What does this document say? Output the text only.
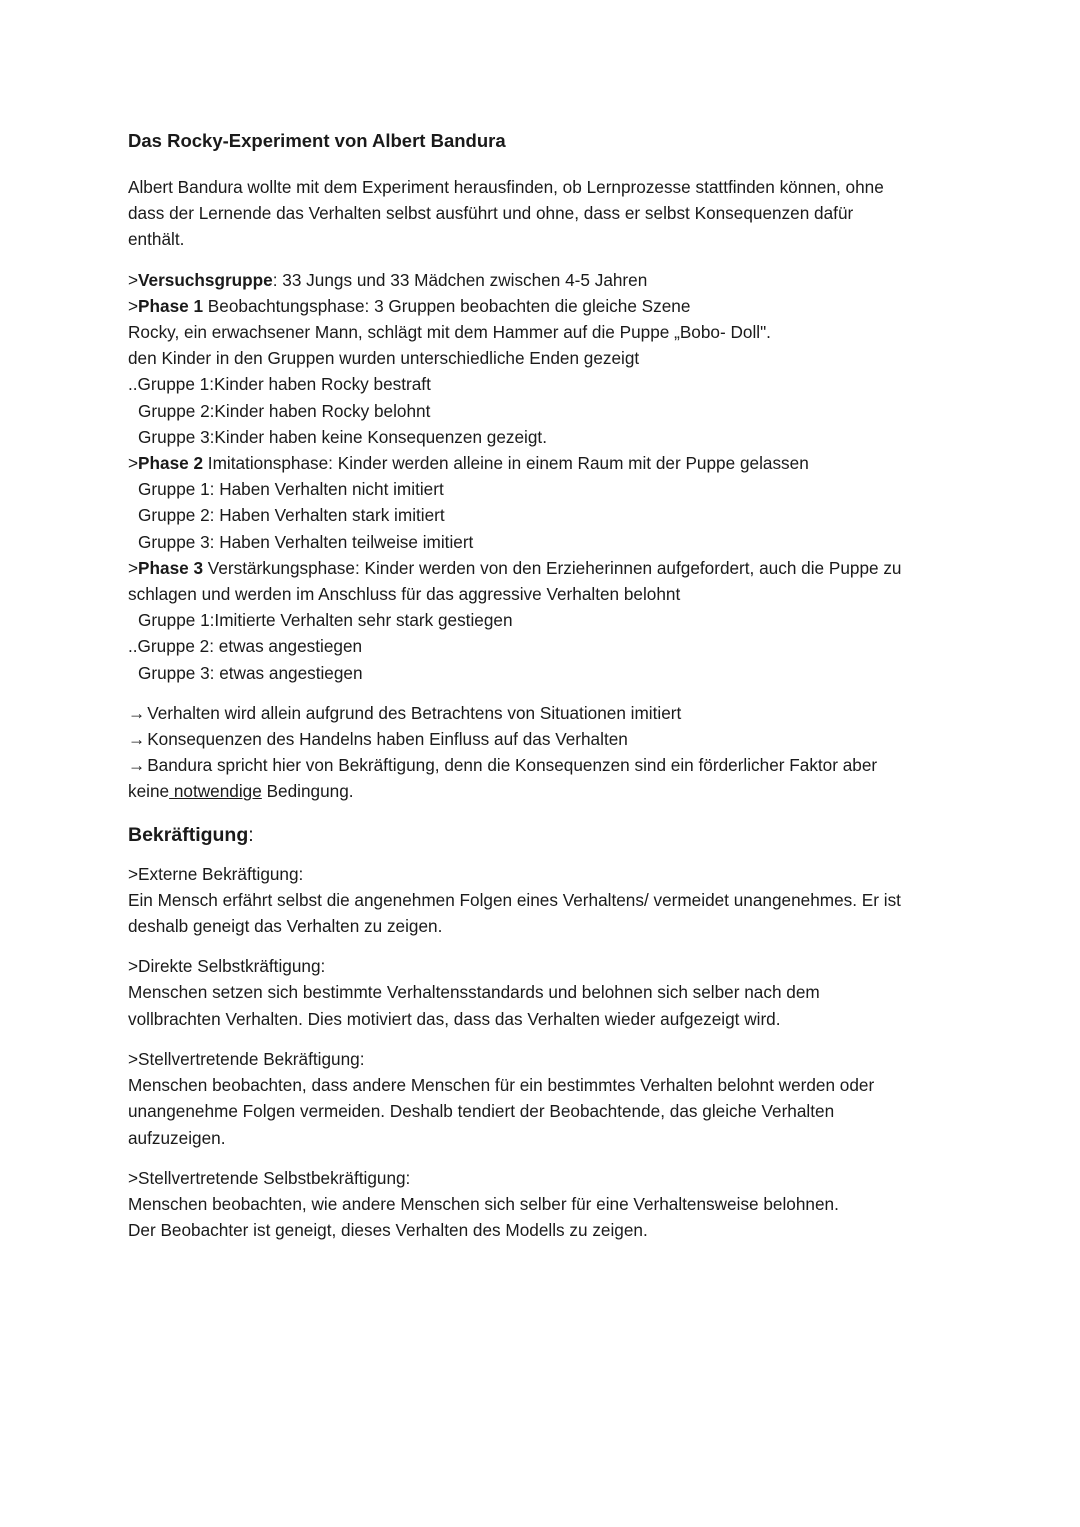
Das Rocky-Experiment von Albert Bandura
Albert Bandura wollte mit dem Experiment herausfinden, ob Lernprozesse stattfinden können, ohne
dass der Lernende das Verhalten selbst ausführt und ohne, dass er selbst Konsequenzen dafür
enthält.
>Versuchsgruppe: 33 Jungs und 33 Mädchen zwischen 4-5 Jahren
>Phase 1 Beobachtungsphase: 3 Gruppen beobachten die gleiche Szene
Rocky, ein erwachsener Mann, schlägt mit dem Hammer auf die Puppe „Bobo- Doll".
den Kinder in den Gruppen wurden unterschiedliche Enden gezeigt
..Gruppe 1:Kinder haben Rocky bestraft
Gruppe 2:Kinder haben Rocky belohnt
Gruppe 3:Kinder haben keine Konsequenzen gezeigt.
>Phase 2 Imitationsphase: Kinder werden alleine in einem Raum mit der Puppe gelassen
Gruppe 1: Haben Verhalten nicht imitiert
Gruppe 2: Haben Verhalten stark imitiert
Gruppe 3: Haben Verhalten teilweise imitiert
>Phase 3 Verstärkungsphase: Kinder werden von den Erzieherinnen aufgefordert, auch die Puppe zu
schlagen und werden im Anschluss für das aggressive Verhalten belohnt
Gruppe 1:Imitierte Verhalten sehr stark gestiegen
..Gruppe 2: etwas angestiegen
Gruppe 3: etwas angestiegen
→ Verhalten wird allein aufgrund des Betrachtens von Situationen imitiert
→ Konsequenzen des Handelns haben Einfluss auf das Verhalten
→ Bandura spricht hier von Bekräftigung, denn die Konsequenzen sind ein förderlicher Faktor aber
keine notwendige Bedingung.
Bekräftigung:
>Externe Bekräftigung:
Ein Mensch erfährt selbst die angenehmen Folgen eines Verhaltens/ vermeidet unangenehmes. Er ist
deshalb geneigt das Verhalten zu zeigen.
>Direkte Selbstkräftigung:
Menschen setzen sich bestimmte Verhaltensstandards und belohnen sich selber nach dem
vollbrachten Verhalten. Dies motiviert das, dass das Verhalten wieder aufgezeigt wird.
>Stellvertretende Bekräftigung:
Menschen beobachten, dass andere Menschen für ein bestimmtes Verhalten belohnt werden oder
unangenehme Folgen vermeiden. Deshalb tendiert der Beobachtende, das gleiche Verhalten
aufzuzeigen.
>Stellvertretende Selbstbekräftigung:
Menschen beobachten, wie andere Menschen sich selber für eine Verhaltensweise belohnen.
Der Beobachter ist geneigt, dieses Verhalten des Modells zu zeigen.
